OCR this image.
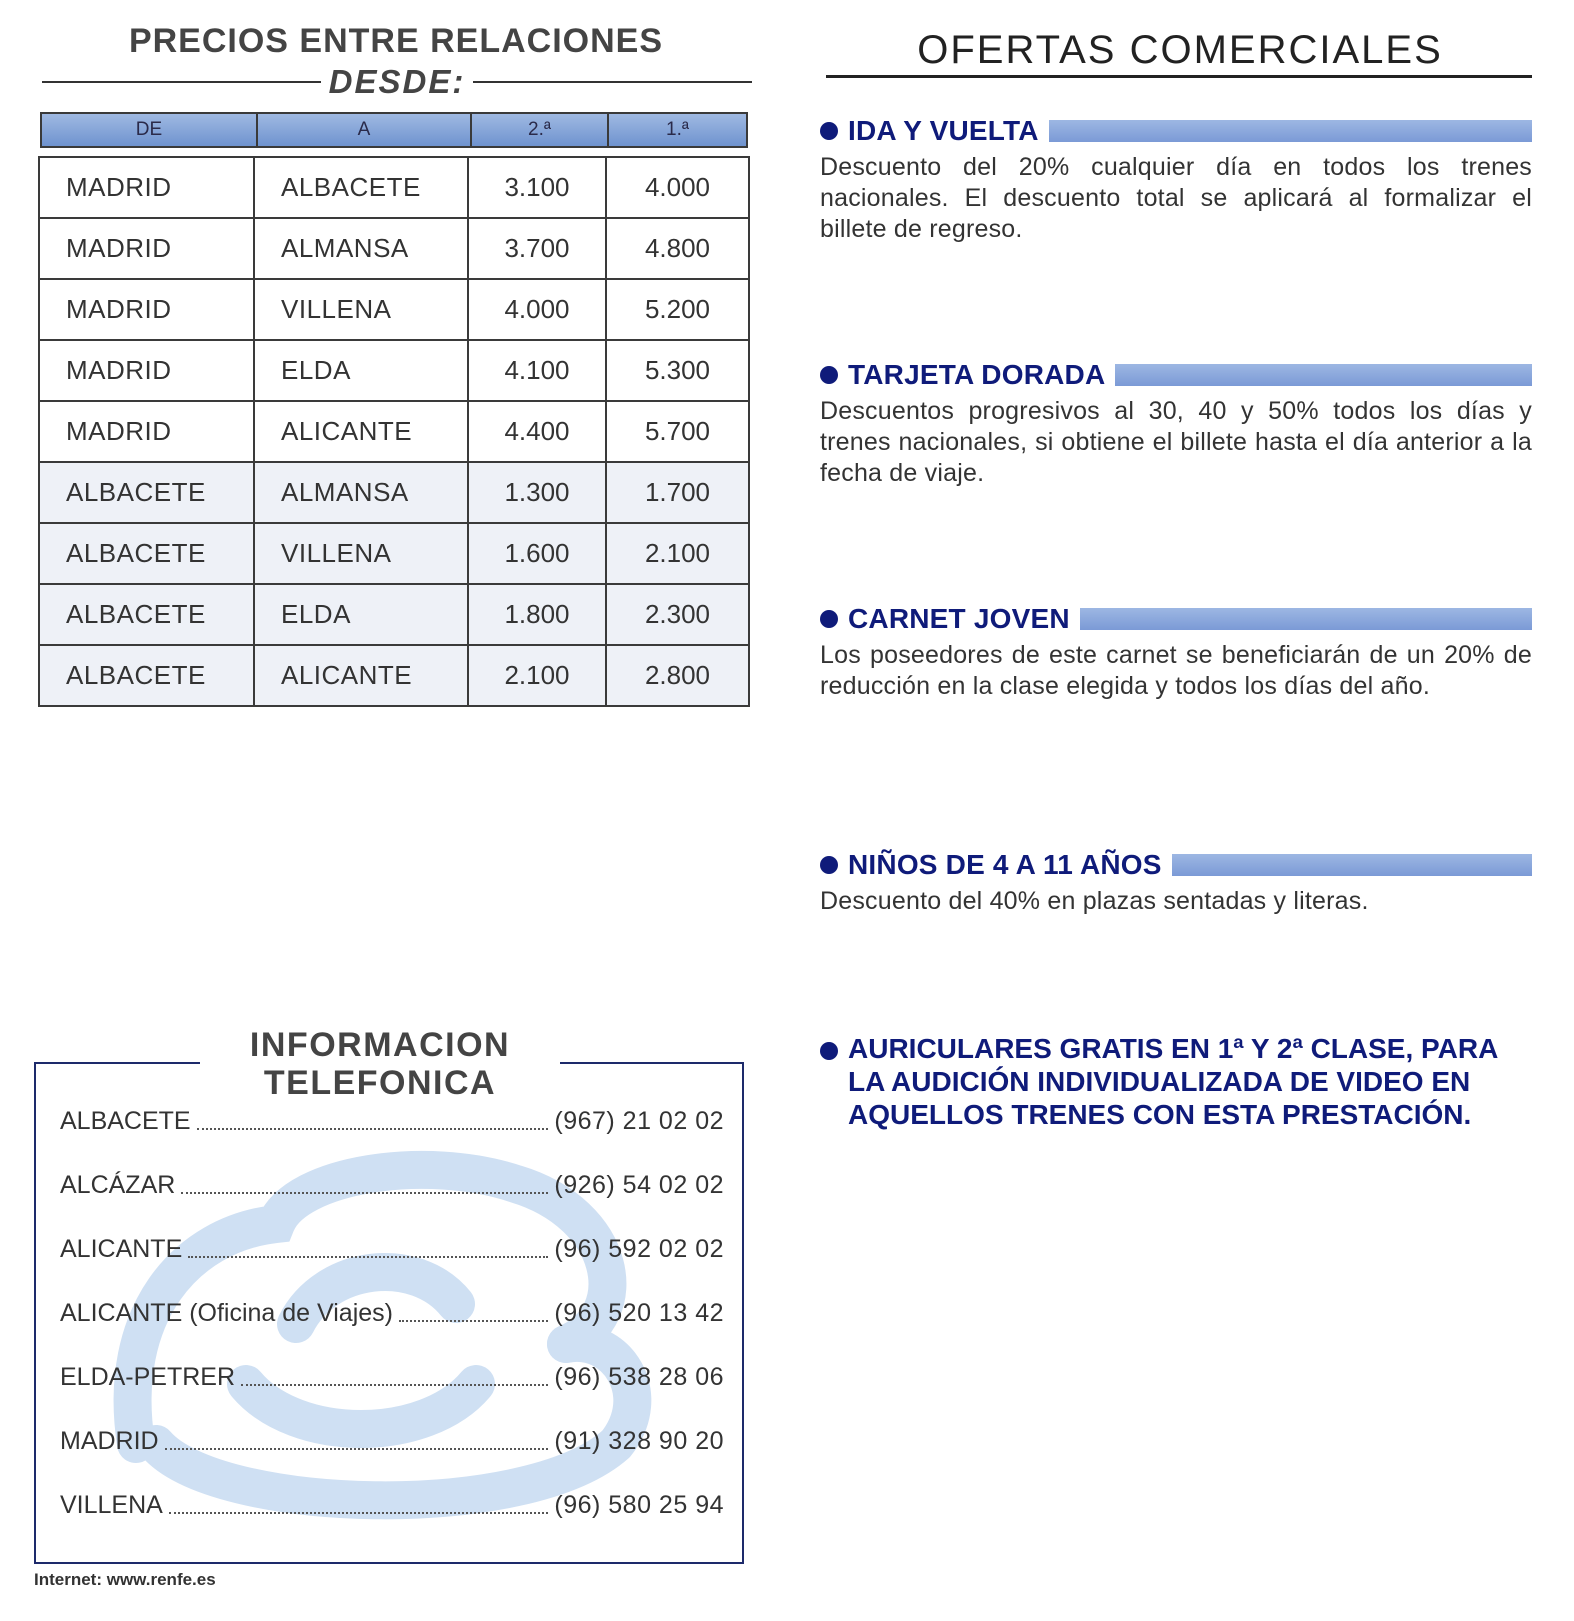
PRECIOS ENTRE RELACIONES
DESDE:
DE	A	2.ª	1.ª
MADRID	ALBACETE	3.100	4.000
MADRID	ALMANSA	3.700	4.800
MADRID	VILLENA	4.000	5.200
MADRID	ELDA	4.100	5.300
MADRID	ALICANTE	4.400	5.700
ALBACETE	ALMANSA	1.300	1.700
ALBACETE	VILLENA	1.600	2.100
ALBACETE	ELDA	1.800	2.300
ALBACETE	ALICANTE	2.100	2.800
ALBACETE	(967) 21 02 02
ALCÁZAR	(926) 54 02 02
ALICANTE	(96) 592 02 02
ALICANTE (Oficina de Viajes)	(96) 520 13 42
ELDA-PETRER	(96) 538 28 06
MADRID	(91) 328 90 20
VILLENA	(96) 580 25 94
INFORMACION
TELEFONICA
Internet: www.renfe.es
OFERTAS COMERCIALES
IDA Y VUELTA
Descuento del 20% cualquier día en todos los trenes nacionales. El descuento total se aplicará al formalizar el billete de regreso.
TARJETA DORADA
Descuentos progresivos al 30, 40 y 50% todos los días y trenes nacionales, si obtiene el billete hasta el día anterior a la fecha de viaje.
CARNET JOVEN
Los poseedores de este carnet se beneficiarán de un 20% de reducción en la clase elegida y todos los días del año.
NIÑOS DE 4 A 11 AÑOS
Descuento del 40% en plazas sentadas y literas.
AURICULARES GRATIS EN 1ª Y 2ª CLASE, PARA LA AUDICIÓN INDIVIDUALIZADA DE VIDEO EN AQUELLOS TRENES CON ESTA PRESTACIÓN.
